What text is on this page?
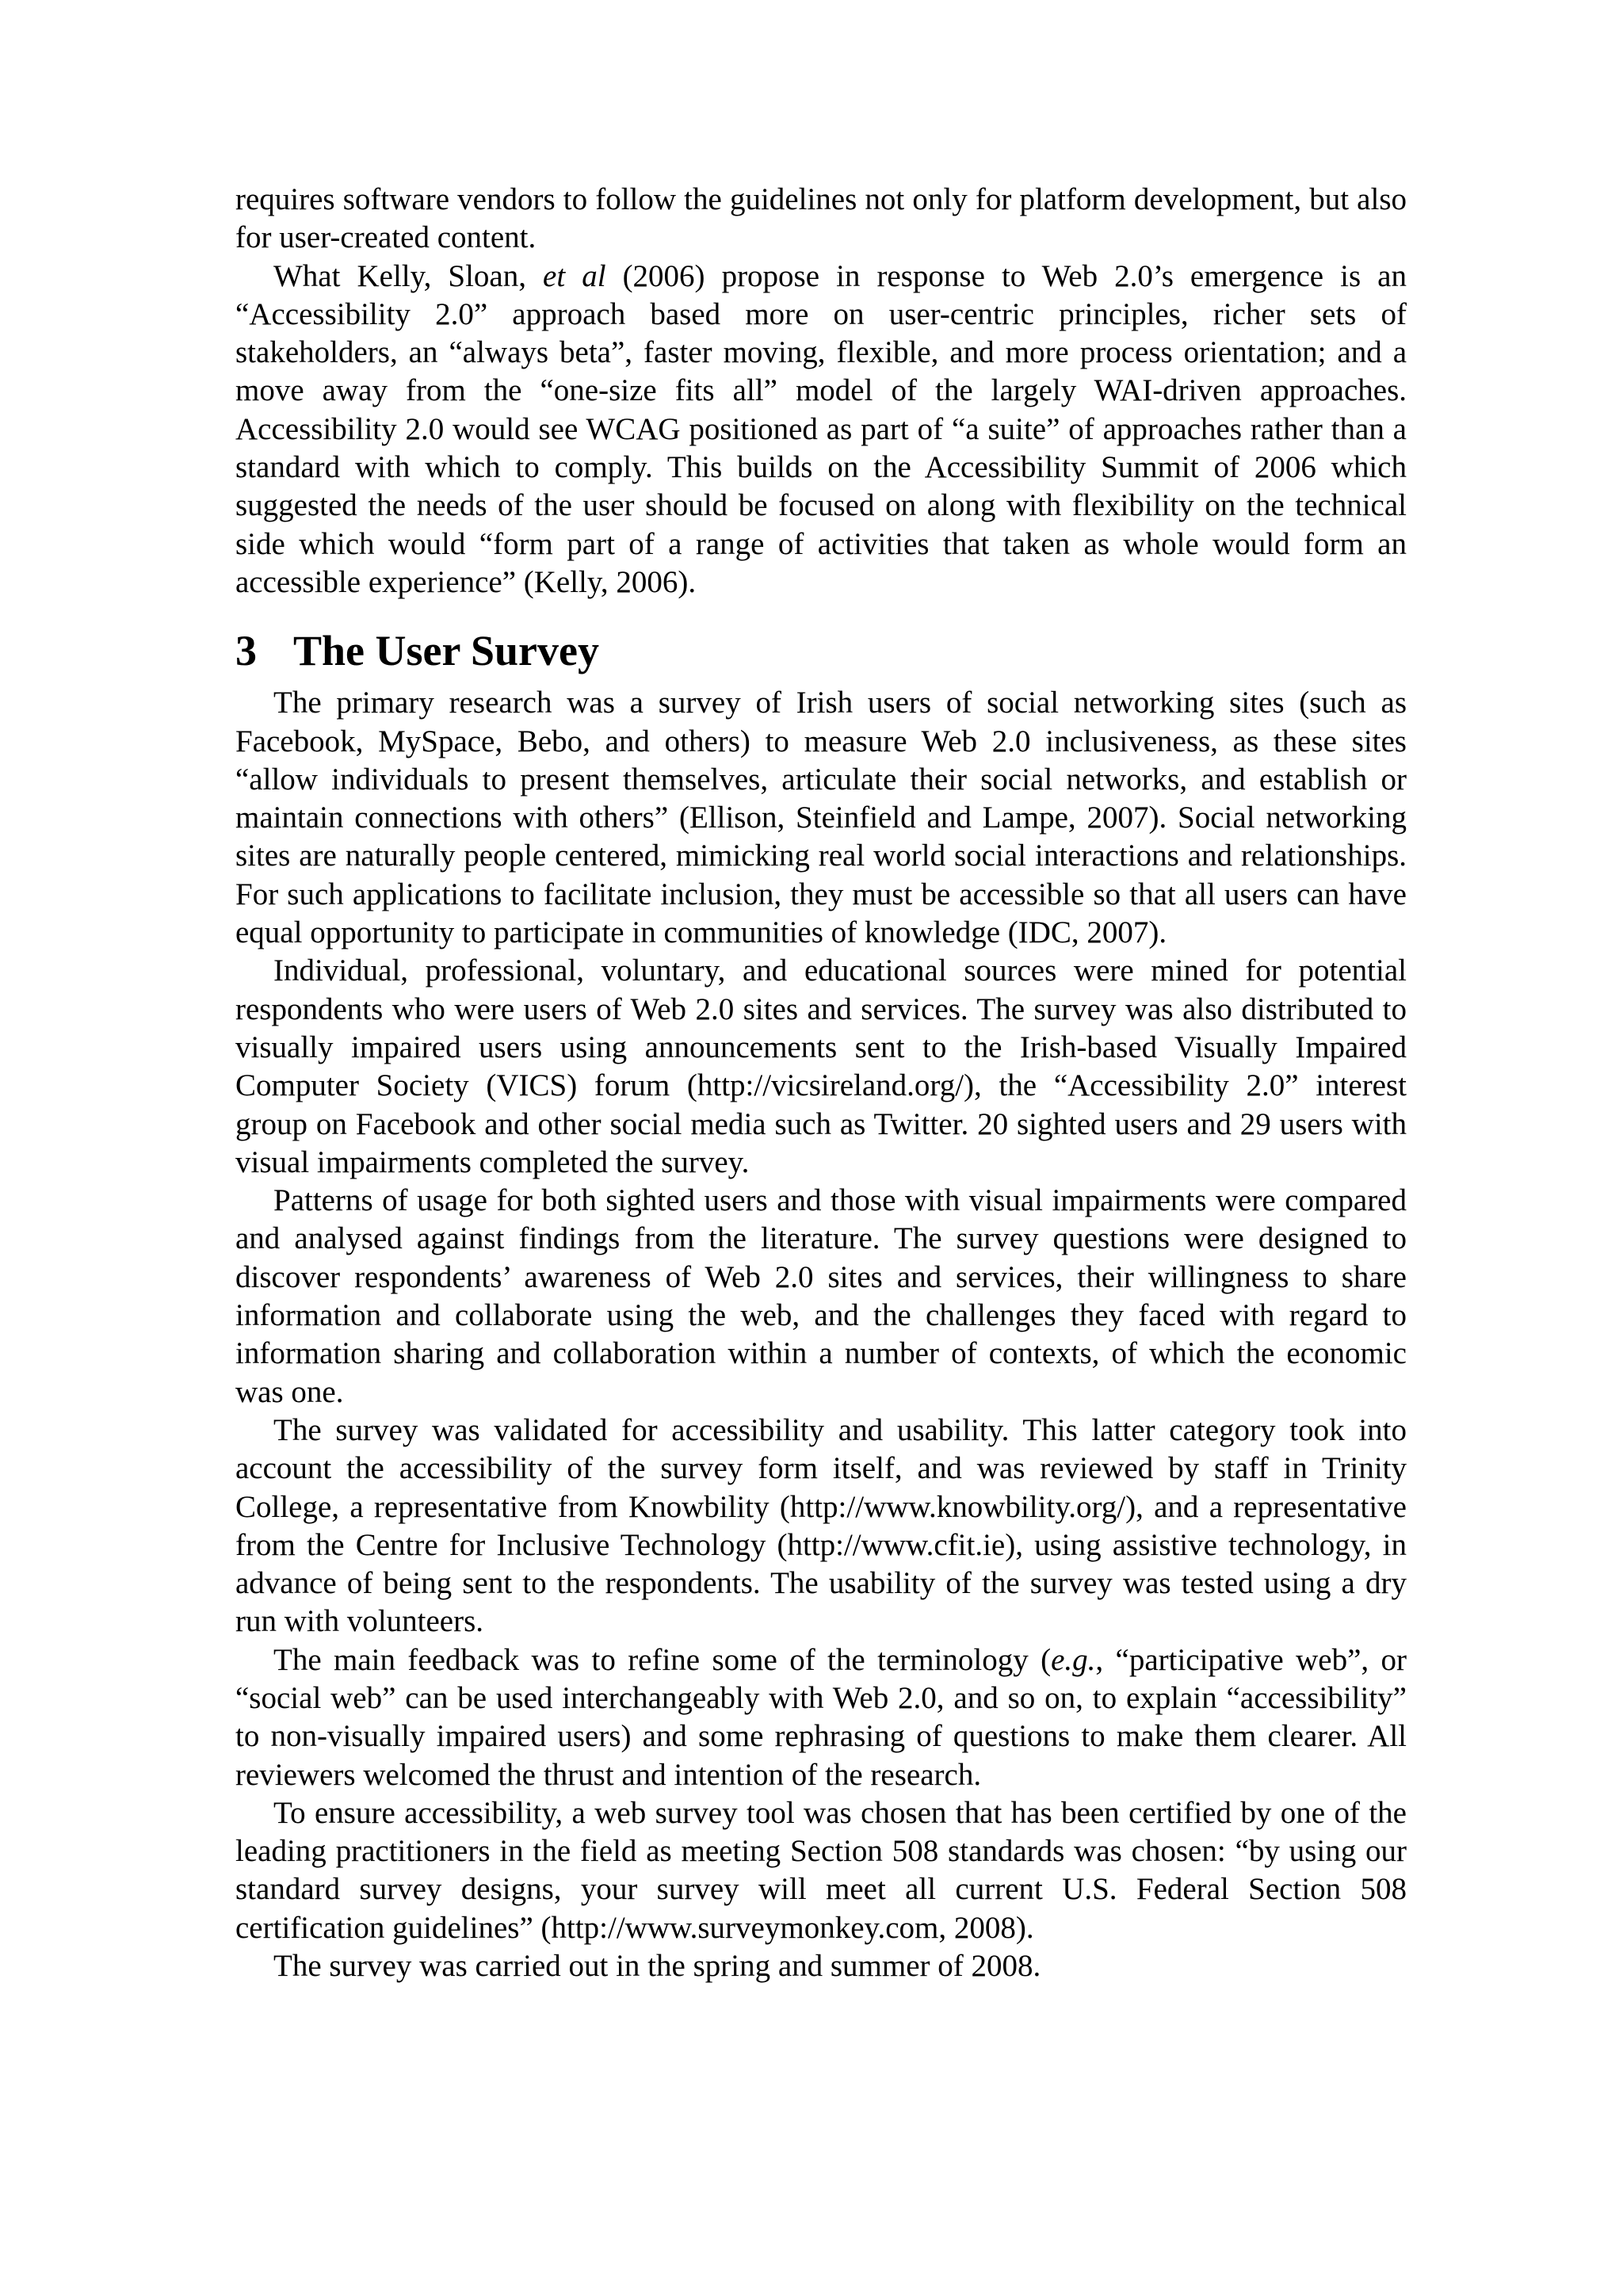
requires software vendors to follow the guidelines not only for platform development, but also for user-created content.

What Kelly, Sloan, et al (2006) propose in response to Web 2.0’s emergence is an “Accessibility 2.0” approach based more on user-centric principles, richer sets of stakeholders, an “always beta”, faster moving, flexible, and more process orientation; and a move away from the “one-size fits all” model of the largely WAI-driven approaches. Accessibility 2.0 would see WCAG positioned as part of “a suite” of approaches rather than a standard with which to comply. This builds on the Accessibility Summit of 2006 which suggested the needs of the user should be focused on along with flexibility on the technical side which would “form part of a range of activities that taken as whole would form an accessible experience” (Kelly, 2006).

3 The User Survey

The primary research was a survey of Irish users of social networking sites (such as Facebook, MySpace, Bebo, and others) to measure Web 2.0 inclusiveness, as these sites “allow individuals to present themselves, articulate their social networks, and establish or maintain connections with others” (Ellison, Steinfield and Lampe, 2007). Social networking sites are naturally people centered, mimicking real world social interactions and relationships. For such applications to facilitate inclusion, they must be accessible so that all users can have equal opportunity to participate in communities of knowledge (IDC, 2007).

Individual, professional, voluntary, and educational sources were mined for potential respondents who were users of Web 2.0 sites and services. The survey was also distributed to visually impaired users using announcements sent to the Irish-based Visually Impaired Computer Society (VICS) forum (http://vicsireland.org/), the “Accessibility 2.0” interest group on Facebook and other social media such as Twitter. 20 sighted users and 29 users with visual impairments completed the survey.

Patterns of usage for both sighted users and those with visual impairments were compared and analysed against findings from the literature. The survey questions were designed to discover respondents’ awareness of Web 2.0 sites and services, their willingness to share information and collaborate using the web, and the challenges they faced with regard to information sharing and collaboration within a number of contexts, of which the economic was one.

The survey was validated for accessibility and usability. This latter category took into account the accessibility of the survey form itself, and was reviewed by staff in Trinity College, a representative from Knowbility (http://www.knowbility.org/), and a representative from the Centre for Inclusive Technology (http://www.cfit.ie), using assistive technology, in advance of being sent to the respondents. The usability of the survey was tested using a dry run with volunteers.

The main feedback was to refine some of the terminology (e.g., “participative web”, or “social web” can be used interchangeably with Web 2.0, and so on, to explain “accessibility” to non-visually impaired users) and some rephrasing of questions to make them clearer. All reviewers welcomed the thrust and intention of the research.

To ensure accessibility, a web survey tool was chosen that has been certified by one of the leading practitioners in the field as meeting Section 508 standards was chosen: “by using our standard survey designs, your survey will meet all current U.S. Federal Section 508 certification guidelines” (http://www.surveymonkey.com, 2008).

The survey was carried out in the spring and summer of 2008.
